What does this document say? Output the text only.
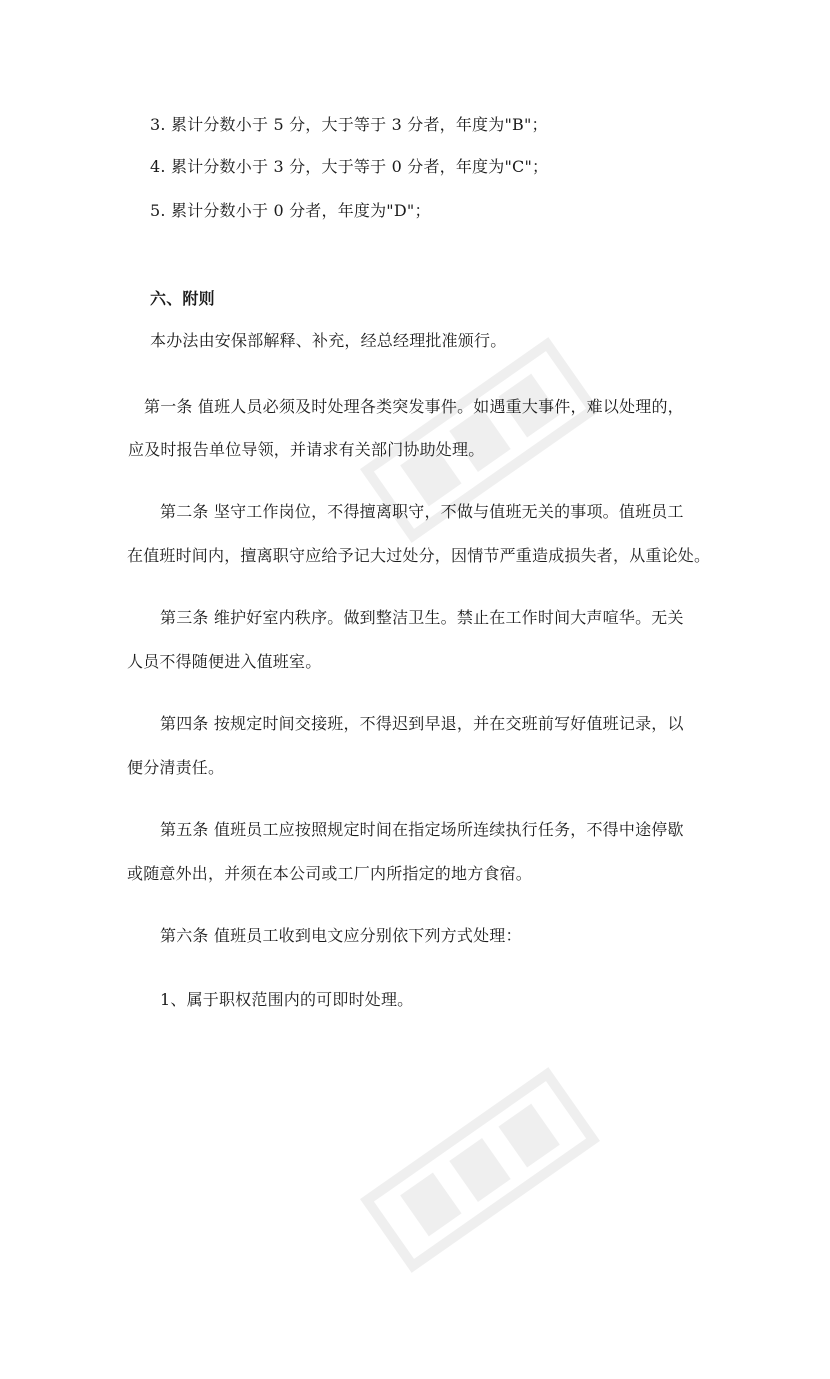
3. 累计分数小于 5 分，大于等于 3 分者，年度为"B"；
4. 累计分数小于 3 分，大于等于 0 分者，年度为"C"；
5. 累计分数小于 0 分者，年度为"D"；
六、附则
本办法由安保部解释、补充，经总经理批准颁行。
第一条 值班人员必须及时处理各类突发事件。如遇重大事件，难以处理的，
应及时报告单位导领，并请求有关部门协助处理。
第二条 坚守工作岗位，不得擅离职守，不做与值班无关的事项。值班员工
在值班时间内，擅离职守应给予记大过处分，因情节严重造成损失者，从重论处。
第三条 维护好室内秩序。做到整洁卫生。禁止在工作时间大声喧华。无关
人员不得随便进入值班室。
第四条 按规定时间交接班，不得迟到早退，并在交班前写好值班记录，以
便分清责任。
第五条 值班员工应按照规定时间在指定场所连续执行任务，不得中途停歇
或随意外出，并须在本公司或工厂内所指定的地方食宿。
第六条 值班员工收到电文应分别依下列方式处理：
1、属于职权范围内的可即时处理。
